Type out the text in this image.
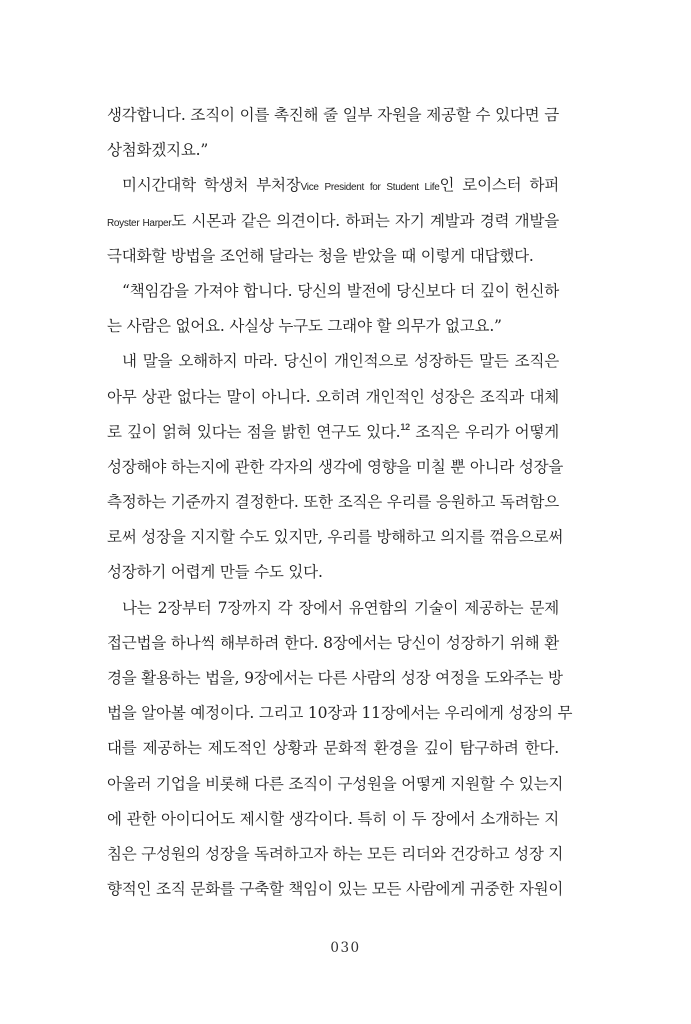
생각합니다. 조직이 이를 촉진해 줄 일부 자원을 제공할 수 있다면 금
상첨화겠지요.”

미시간대학 학생처 부처장Vice President for Student Life인 로이스터 하퍼
Royster Harper도 시몬과 같은 의견이다. 하퍼는 자기 계발과 경력 개발을
극대화할 방법을 조언해 달라는 청을 받았을 때 이렇게 대답했다.

“책임감을 가져야 합니다. 당신의 발전에 당신보다 더 깊이 헌신하
는 사람은 없어요. 사실상 누구도 그래야 할 의무가 없고요.”

내 말을 오해하지 마라. 당신이 개인적으로 성장하든 말든 조직은
아무 상관 없다는 말이 아니다. 오히려 개인적인 성장은 조직과 대체
로 깊이 얽혀 있다는 점을 밝힌 연구도 있다.$^{12}$ 조직은 우리가 어떻게
성장해야 하는지에 관한 각자의 생각에 영향을 미칠 뿐 아니라 성장을
측정하는 기준까지 결정한다. 또한 조직은 우리를 응원하고 독려함으
로써 성장을 지지할 수도 있지만, 우리를 방해하고 의지를 꺾음으로써
성장하기 어렵게 만들 수도 있다.

나는 2장부터 7장까지 각 장에서 유연함의 기술이 제공하는 문제
접근법을 하나씩 해부하려 한다. 8장에서는 당신이 성장하기 위해 환
경을 활용하는 법을, 9장에서는 다른 사람의 성장 여정을 도와주는 방
법을 알아볼 예정이다. 그리고 10장과 11장에서는 우리에게 성장의 무
대를 제공하는 제도적인 상황과 문화적 환경을 깊이 탐구하려 한다.
아울러 기업을 비롯해 다른 조직이 구성원을 어떻게 지원할 수 있는지
에 관한 아이디어도 제시할 생각이다. 특히 이 두 장에서 소개하는 지
침은 구성원의 성장을 독려하고자 하는 모든 리더와 건강하고 성장 지
향적인 조직 문화를 구축할 책임이 있는 모든 사람에게 귀중한 자원이

030
